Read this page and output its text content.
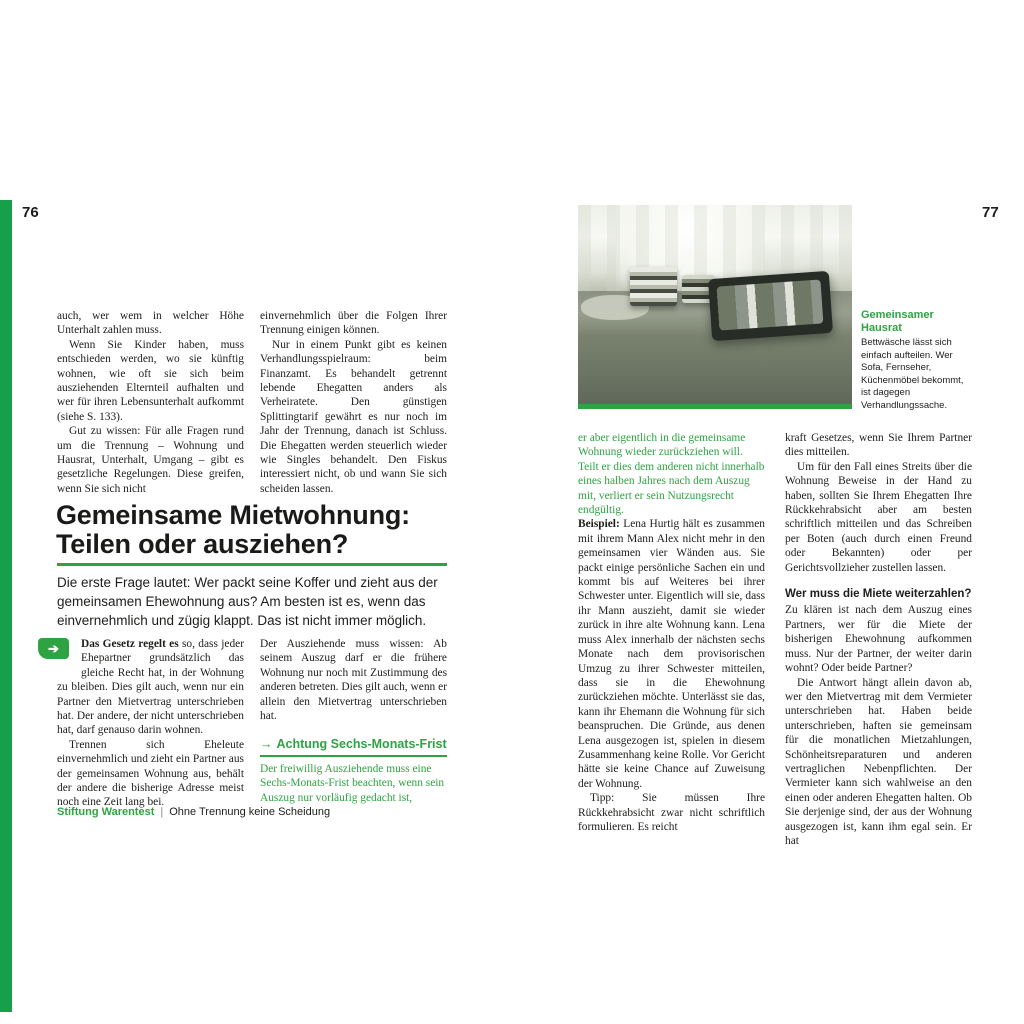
76	77

auch, wer wem in welcher Höhe Unterhalt zahlen muss.

Wenn Sie Kinder haben, muss entschieden werden, wo sie künftig wohnen, wie oft sie sich beim ausziehenden Elternteil aufhalten und wer für ihren Lebensunterhalt aufkommt (siehe S. 133).

Gut zu wissen: Für alle Fragen rund um die Trennung – Wohnung und Hausrat, Unterhalt, Umgang – gibt es gesetzliche Regelungen. Diese greifen, wenn Sie sich nicht

einvernehmlich über die Folgen Ihrer Trennung einigen können.

Nur in einem Punkt gibt es keinen Verhandlungsspielraum: beim Finanzamt. Es behandelt getrennt lebende Ehegatten anders als Verheiratete. Den günstigen Splittingtarif gewährt es nur noch im Jahr der Trennung, danach ist Schluss. Die Ehegatten werden steuerlich wieder wie Singles behandelt. Den Fiskus interessiert nicht, ob und wann Sie sich scheiden lassen.

Gemeinsame Mietwohnung:
Teilen oder ausziehen?

Die erste Frage lautet: Wer packt seine Koffer und zieht aus der gemeinsamen Ehewohnung aus? Am besten ist es, wenn das einvernehmlich und zügig klappt. Das ist nicht immer möglich.

➔	Das Gesetz regelt es so, dass jeder Ehepartner grundsätzlich das gleiche Recht hat, in der Wohnung zu bleiben. Dies gilt auch, wenn nur ein Partner den Mietvertrag unterschrieben hat. Der andere, der nicht unterschrieben hat, darf genauso darin wohnen.

Trennen sich Eheleute einvernehmlich und zieht ein Partner aus der gemeinsamen Wohnung aus, behält der andere die bisherige Adresse meist noch eine Zeit lang bei.

Der Ausziehende muss wissen: Ab seinem Auszug darf er die frühere Wohnung nur noch mit Zustimmung des anderen betreten. Dies gilt auch, wenn er allein den Mietvertrag unterschrieben hat.

→ Achtung Sechs-Monats-Frist

Der freiwillig Ausziehende muss eine Sechs-Monats-Frist beachten, wenn sein Auszug nur vorläufig gedacht ist,

Stiftung Warentest | Ohne Trennung keine Scheidung

Gemeinsamer Hausrat

Bettwäsche lässt sich einfach aufteilen. Wer Sofa, Fernseher, Küchenmöbel bekommt, ist dagegen Verhandlungssache.

er aber eigentlich in die gemeinsame Wohnung wieder zurückziehen will. Teilt er dies dem anderen nicht innerhalb eines halben Jahres nach dem Auszug mit, verliert er sein Nutzungsrecht endgültig.

Beispiel: Lena Hurtig hält es zusammen mit ihrem Mann Alex nicht mehr in den gemeinsamen vier Wänden aus. Sie packt einige persönliche Sachen ein und kommt bis auf Weiteres bei ihrer Schwester unter. Eigentlich will sie, dass ihr Mann auszieht, damit sie wieder zurück in ihre alte Wohnung kann. Lena muss Alex innerhalb der nächsten sechs Monate nach dem provisorischen Umzug zu ihrer Schwester mitteilen, dass sie in die Ehewohnung zurückziehen möchte. Unterlässt sie das, kann ihr Ehemann die Wohnung für sich beanspruchen. Die Gründe, aus denen Lena ausgezogen ist, spielen in diesem Zusammenhang keine Rolle. Vor Gericht hätte sie keine Chance auf Zuweisung der Wohnung.

Tipp: Sie müssen Ihre Rückkehrabsicht zwar nicht schriftlich formulieren. Es reicht

kraft Gesetzes, wenn Sie Ihrem Partner dies mitteilen.

Um für den Fall eines Streits über die Wohnung Beweise in der Hand zu haben, sollten Sie Ihrem Ehegatten Ihre Rückkehrabsicht aber am besten schriftlich mitteilen und das Schreiben per Boten (auch durch einen Freund oder Bekannten) oder per Gerichtsvollzieher zustellen lassen.

Wer muss die Miete weiterzahlen?

Zu klären ist nach dem Auszug eines Partners, wer für die Miete der bisherigen Ehewohnung aufkommen muss. Nur der Partner, der weiter darin wohnt? Oder beide Partner?

Die Antwort hängt allein davon ab, wer den Mietvertrag mit dem Vermieter unterschrieben hat. Haben beide unterschrieben, haften sie gemeinsam für die monatlichen Mietzahlungen, Schönheitsreparaturen und anderen vertraglichen Nebenpflichten. Der Vermieter kann sich wahlweise an den einen oder anderen Ehegatten halten. Ob Sie derjenige sind, der aus der Wohnung ausgezogen ist, kann ihm egal sein. Er hat
